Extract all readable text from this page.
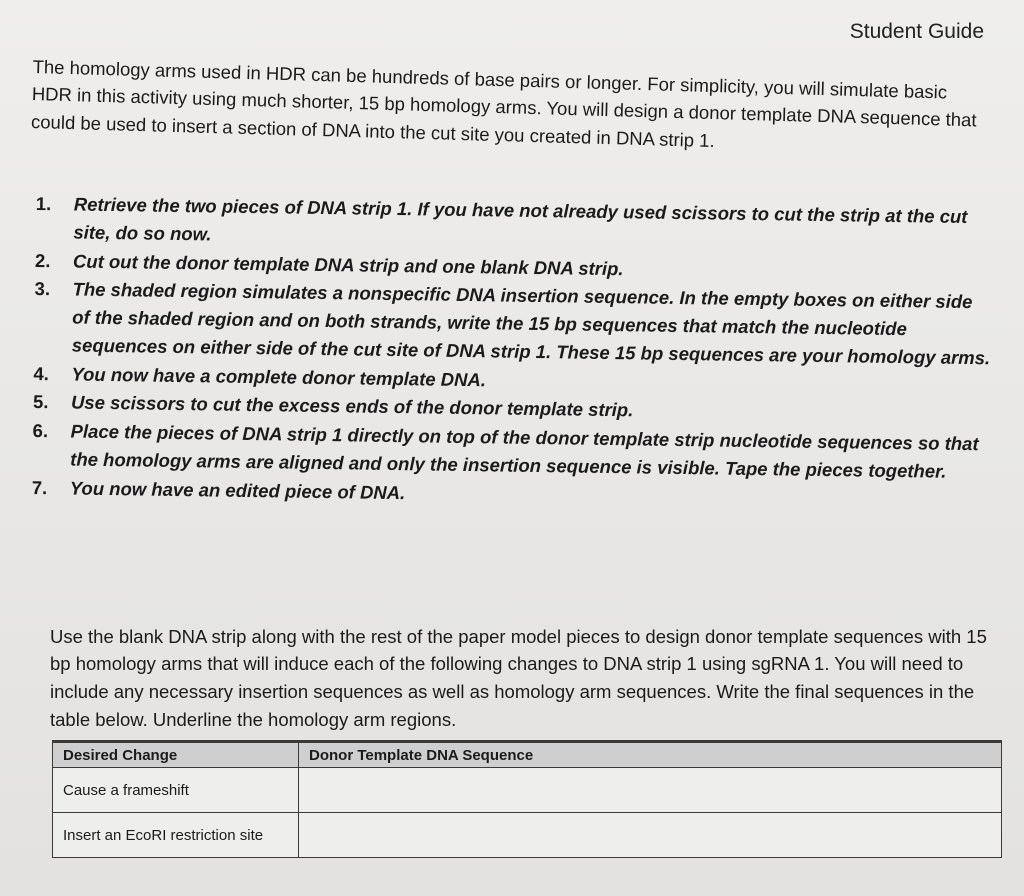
Student Guide

The homology arms used in HDR can be hundreds of base pairs or longer. For simplicity, you will simulate basic HDR in this activity using much shorter, 15 bp homology arms. You will design a donor template DNA sequence that could be used to insert a section of DNA into the cut site you created in DNA strip 1.

1.	Retrieve the two pieces of DNA strip 1. If you have not already used scissors to cut the strip at the cut site, do so now.
2.	Cut out the donor template DNA strip and one blank DNA strip.
3.	The shaded region simulates a nonspecific DNA insertion sequence. In the empty boxes on either side of the shaded region and on both strands, write the 15 bp sequences that match the nucleotide sequences on either side of the cut site of DNA strip 1. These 15 bp sequences are your homology arms.
4.	You now have a complete donor template DNA.
5.	Use scissors to cut the excess ends of the donor template strip.
6.	Place the pieces of DNA strip 1 directly on top of the donor template strip nucleotide sequences so that the homology arms are aligned and only the insertion sequence is visible. Tape the pieces together.
7.	You now have an edited piece of DNA.

Use the blank DNA strip along with the rest of the paper model pieces to design donor template sequences with 15 bp homology arms that will induce each of the following changes to DNA strip 1 using sgRNA 1. You will need to include any necessary insertion sequences as well as homology arm sequences. Write the final sequences in the table below. Underline the homology arm regions.

Desired Change	Donor Template DNA Sequence
Cause a frameshift	
Insert an EcoRI restriction site	
